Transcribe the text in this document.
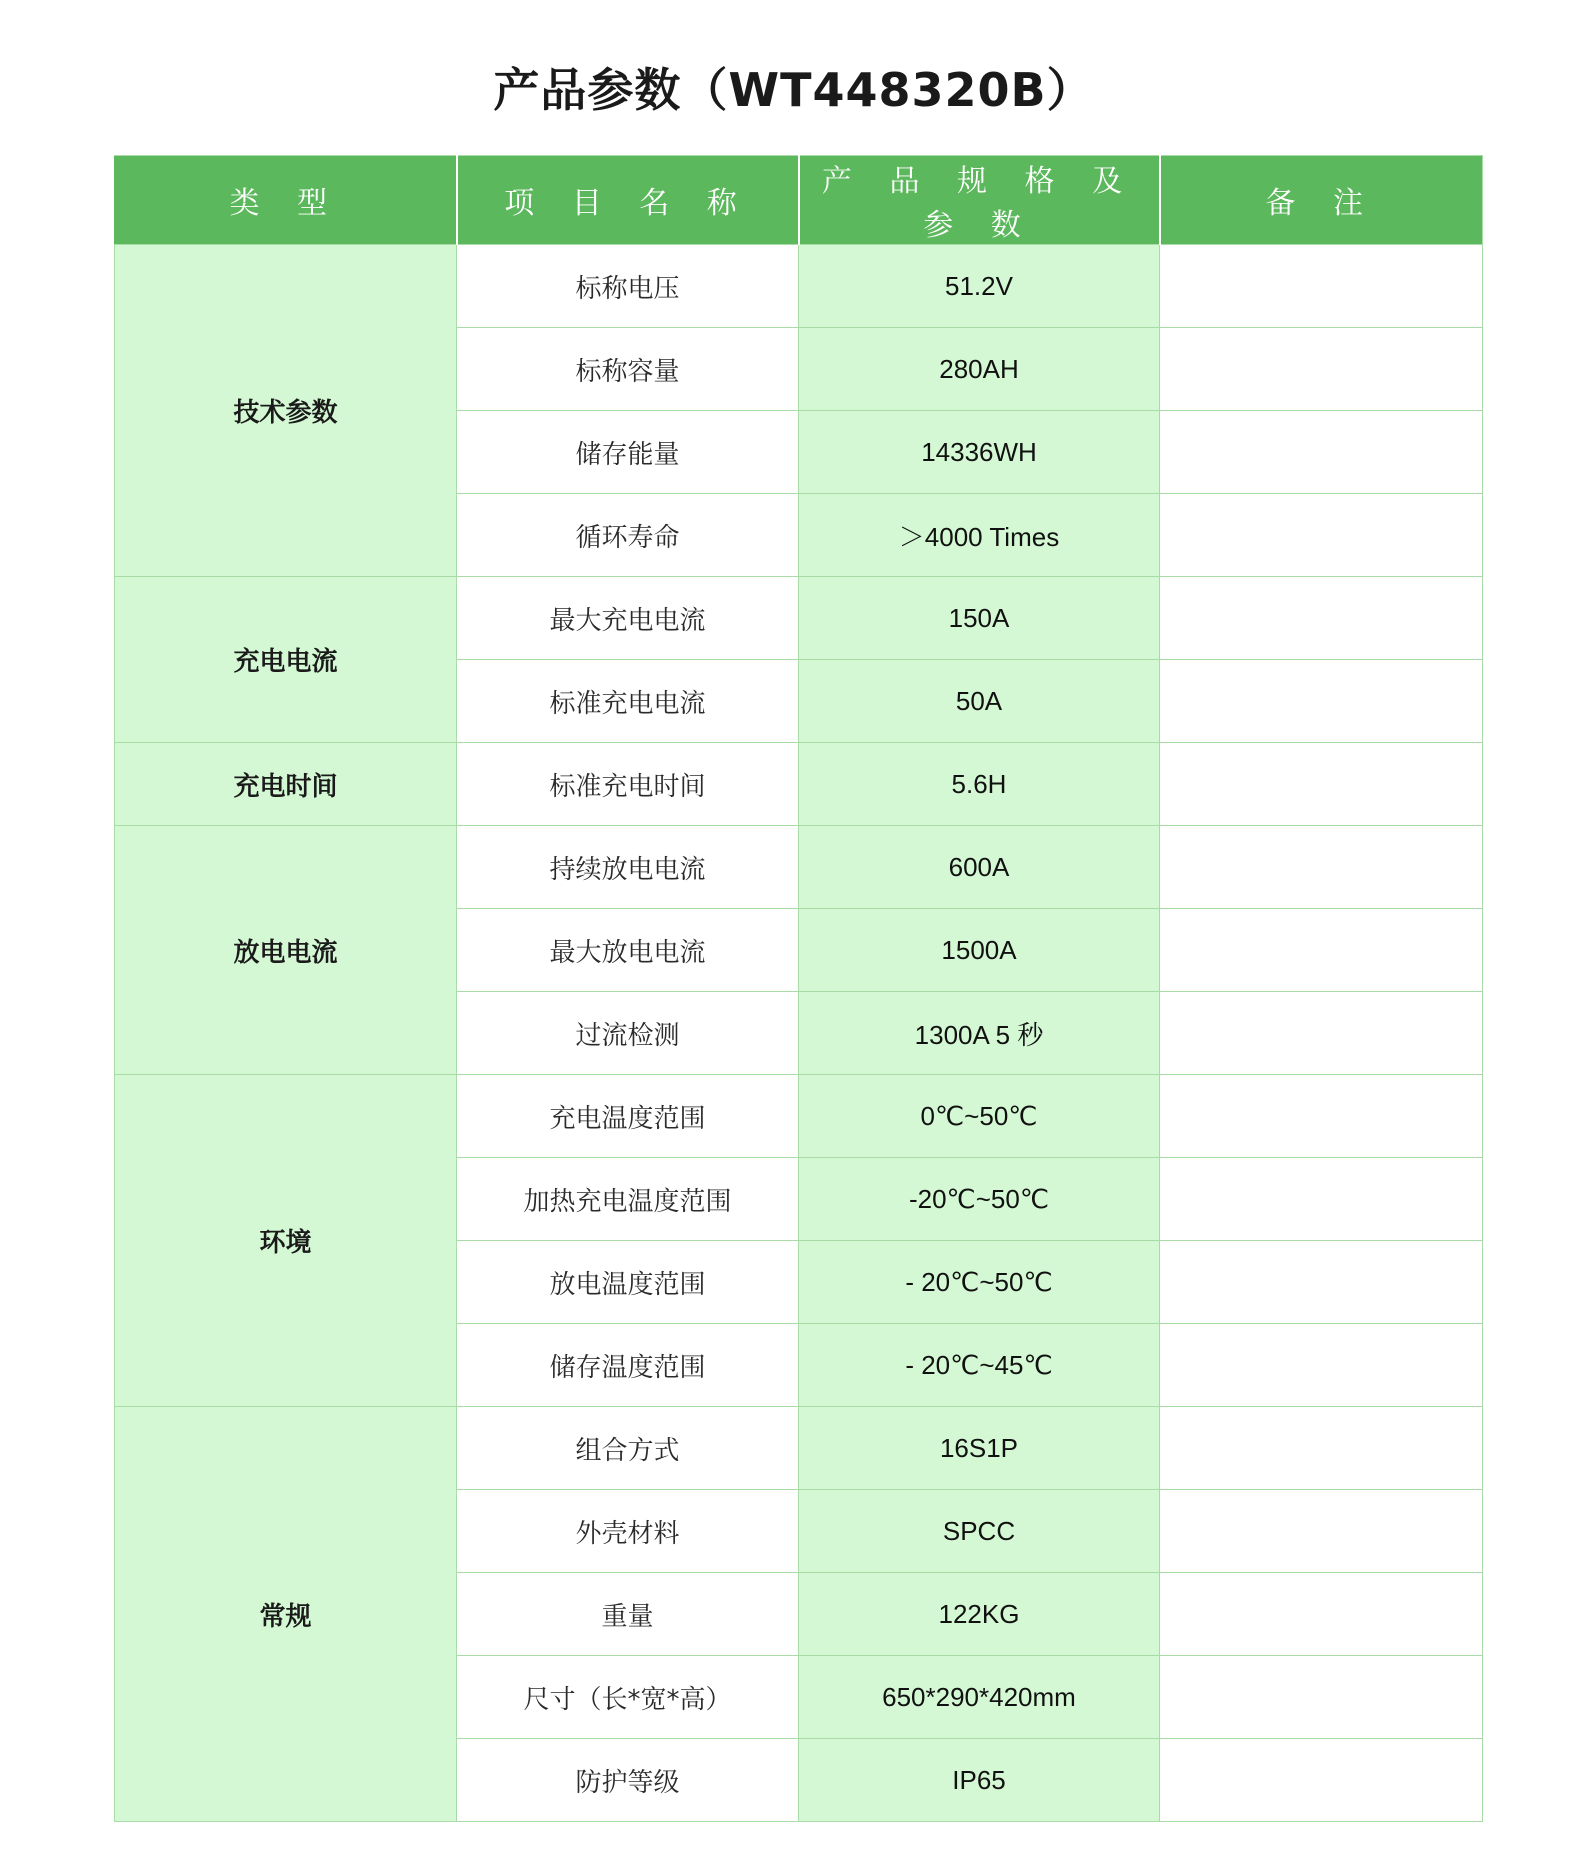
产品参数（WT448320B）
类 型	项 目 名 称	产 品 规 格 及 参 数	备 注
技术参数	标称电压	51.2V	
	标称容量	280AH	
	储存能量	14336WH	
	循环寿命	＞4000 Times	
充电电流	最大充电电流	150A	
	标准充电电流	50A	
充电时间	标准充电时间	5.6H	
放电电流	持续放电电流	600A	
	最大放电电流	1500A	
	过流检测	1300A 5 秒	
环境	充电温度范围	0℃~50℃	
	加热充电温度范围	-20℃~50℃	
	放电温度范围	- 20℃~50℃	
	储存温度范围	- 20℃~45℃	
常规	组合方式	16S1P	
	外壳材料	SPCC	
	重量	122KG	
	尺寸（长*宽*高）	650*290*420mm	
	防护等级	IP65	
